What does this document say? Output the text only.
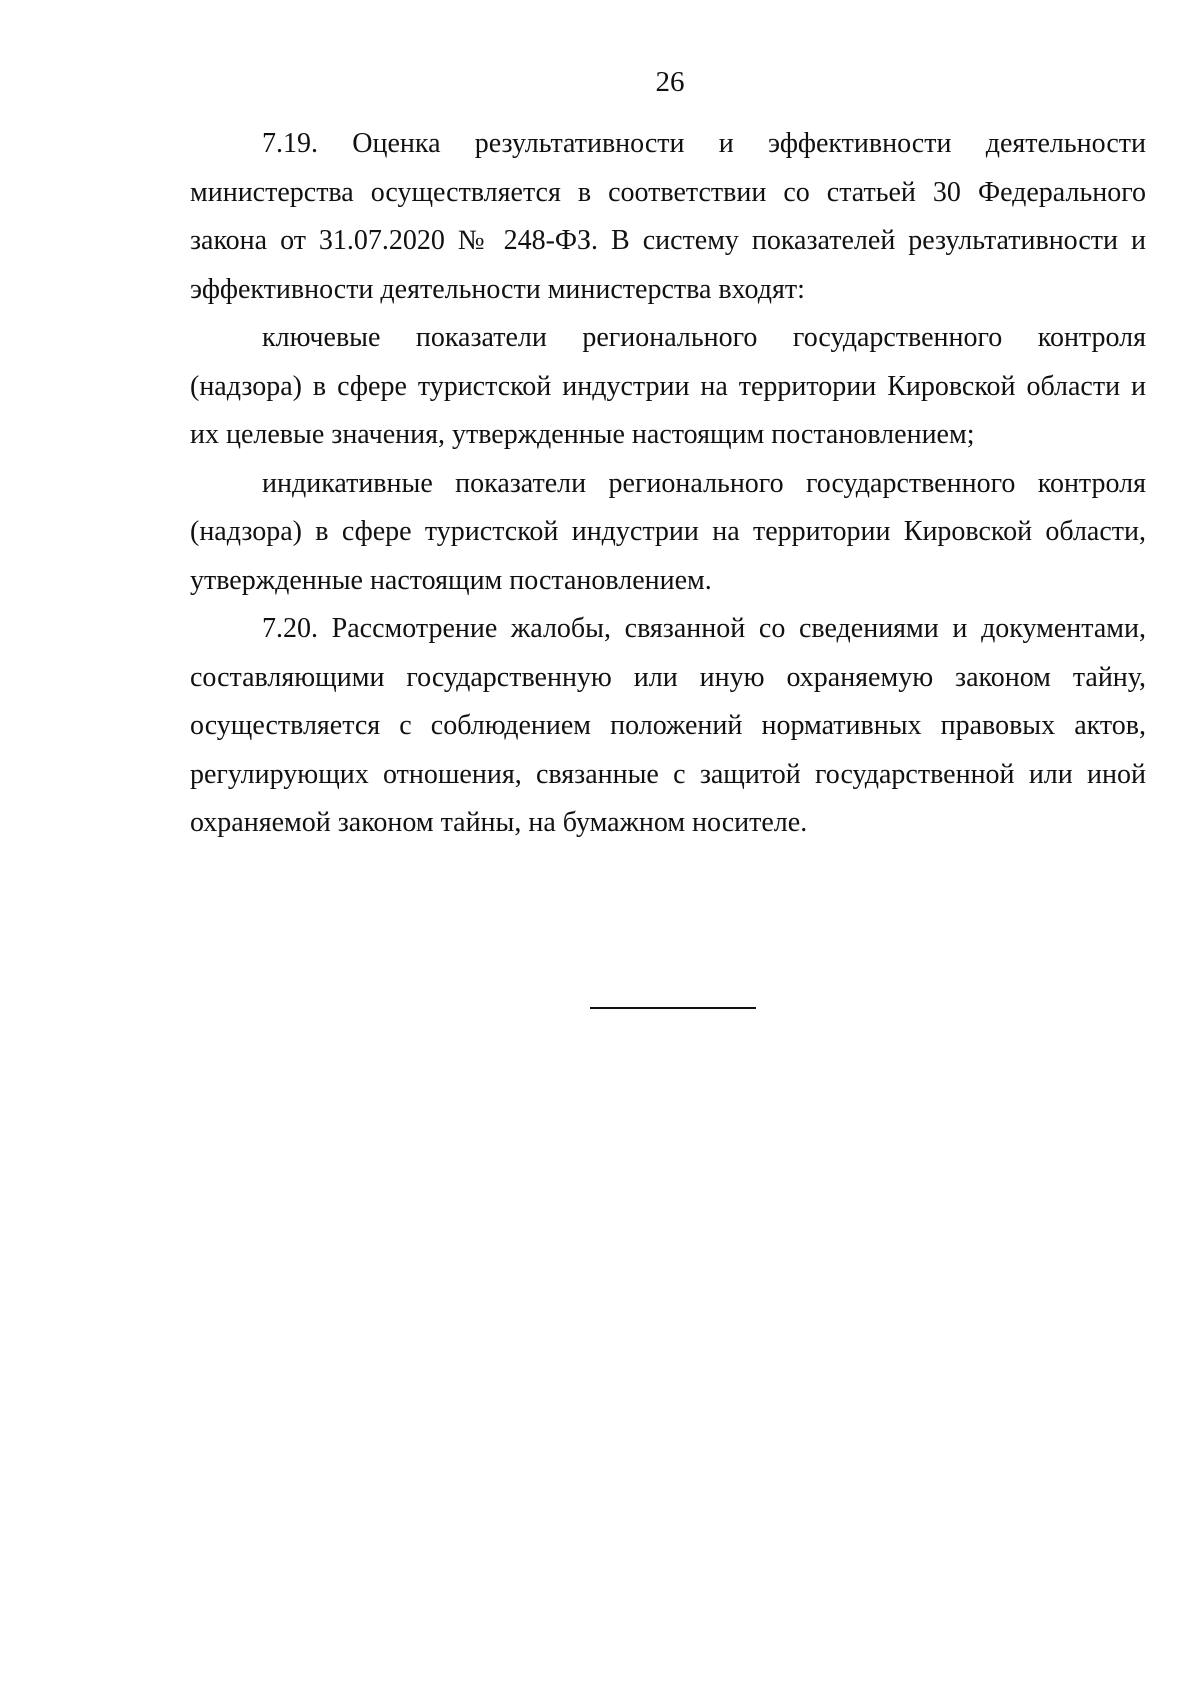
26

7.19. Оценка результативности и эффективности деятельности министерства осуществляется в соответствии со статьей 30 Федерального закона от 31.07.2020 № 248-ФЗ. В систему показателей результативности и эффективности деятельности министерства входят:

ключевые показатели регионального государственного контроля (надзора) в сфере туристской индустрии на территории Кировской области и их целевые значения, утвержденные настоящим постановлением;

индикативные показатели регионального государственного контроля (надзора) в сфере туристской индустрии на территории Кировской области, утвержденные настоящим постановлением.

7.20. Рассмотрение жалобы, связанной со сведениями и документами, составляющими государственную или иную охраняемую законом тайну, осуществляется с соблюдением положений нормативных правовых актов, регулирующих отношения, связанные с защитой государственной или иной охраняемой законом тайны, на бумажном носителе.
